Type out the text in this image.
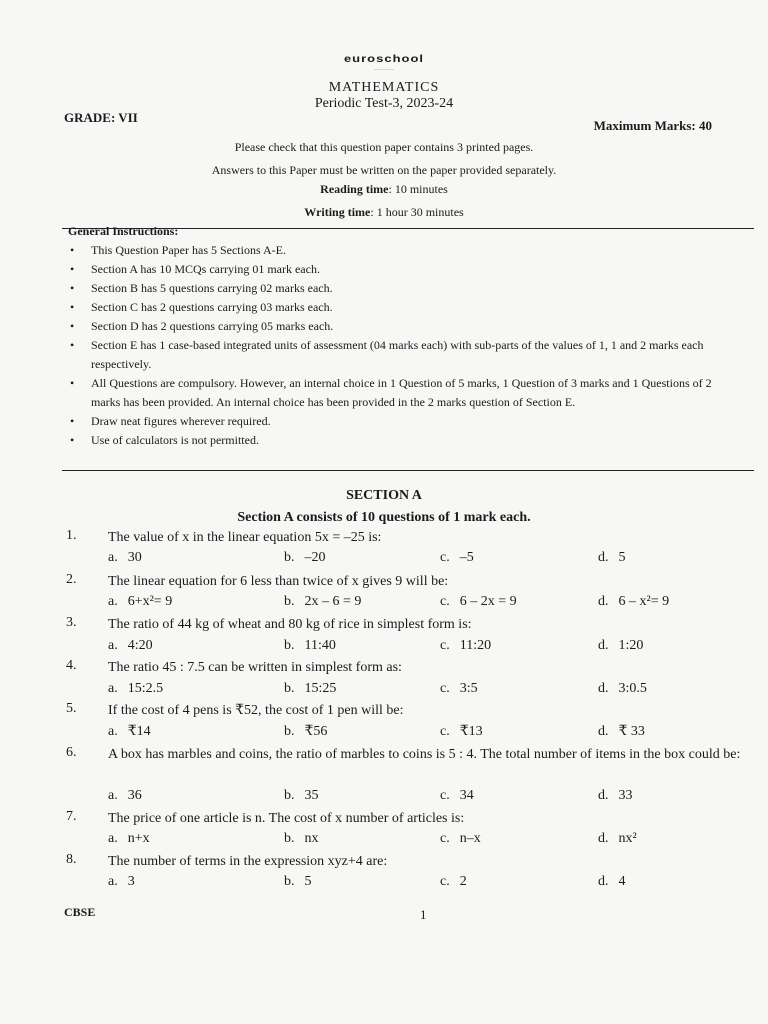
euroschool
—————
MATHEMATICS
Periodic Test-3, 2023-24
GRADE: VII
Maximum Marks: 40
Please check that this question paper contains 3 printed pages.
Answers to this Paper must be written on the paper provided separately.
Reading time: 10 minutes
Writing time: 1 hour 30 minutes
General Instructions:
• This Question Paper has 5 Sections A-E.
• Section A has 10 MCQs carrying 01 mark each.
• Section B has 5 questions carrying 02 marks each.
• Section C has 2 questions carrying 03 marks each.
• Section D has 2 questions carrying 05 marks each.
• Section E has 1 case-based integrated units of assessment (04 marks each) with sub-parts of the values of 1, 1 and 2 marks each respectively.
• All Questions are compulsory. However, an internal choice in 1 Question of 5 marks, 1 Question of 3 marks and 1 Questions of 2 marks has been provided. An internal choice has been provided in the 2 marks question of Section E.
• Draw neat figures wherever required.
• Use of calculators is not permitted.
SECTION A
Section A consists of 10 questions of 1 mark each.
1. The value of x in the linear equation 5x = –25 is:
a. 30	b. –20	c. –5	d. 5
2. The linear equation for 6 less than twice of x gives 9 will be:
a. 6+x²= 9	b. 2x – 6 = 9	c. 6 – 2x = 9	d. 6 – x²= 9
3. The ratio of 44 kg of wheat and 80 kg of rice in simplest form is:
a. 4:20	b. 11:40	c. 11:20	d. 1:20
4. The ratio 45 : 7.5 can be written in simplest form as:
a. 15:2.5	b. 15:25	c. 3:5	d. 3:0.5
5. If the cost of 4 pens is ₹52, the cost of 1 pen will be:
a. ₹14	b. ₹56	c. ₹13	d. ₹ 33
6. A box has marbles and coins, the ratio of marbles to coins is 5 : 4. The total number of items in the box could be:
a. 36	b. 35	c. 34	d. 33
7. The price of one article is n. The cost of x number of articles is:
a. n+x	b. nx	c. n–x	d. nx²
8. The number of terms in the expression xyz+4 are:
a. 3	b. 5	c. 2	d. 4
CBSE	1
